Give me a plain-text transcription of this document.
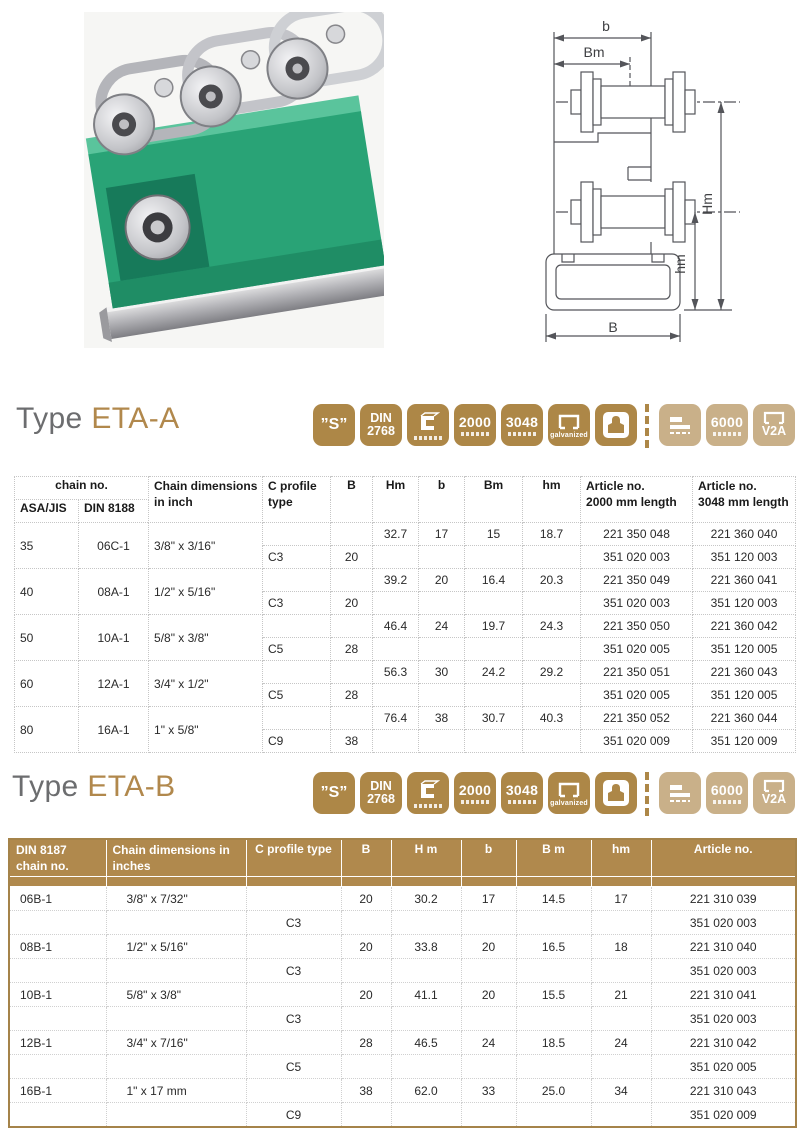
b
Bm
Hm
hm
B
Type ETA-A	”S” DIN
2768
2000 3048
galvanized
6000
V2A
chain no.		Chain dimensions
in inch	C profile
type	B	Hm	b	Bm	hm	Article no.
2000 mm length	Article no.
3048 mm length

ASA/JIS	DIN 8188									
35	06C-1	3/8" x 3/16"			32.7	17	15	18.7	221 350 048	221 360 040
			C3	20					351 020 003	351 120 003
40	08A-1	1/2" x 5/16"			39.2	20	16.4	20.3	221 350 049	221 360 041
			C3	20					351 020 003	351 120 003
50	10A-1	5/8" x 3/8"			46.4	24	19.7	24.3	221 350 050	221 360 042
			C5	28					351 020 005	351 120 005
60	12A-1	3/4" x 1/2"			56.3	30	24.2	29.2	221 350 051	221 360 043
			C5	28					351 020 005	351 120 005
80	16A-1	1" x 5/8"			76.4	38	30.7	40.3	221 350 052	221 360 044
			C9	38					351 020 009	351 120 009
Type ETA-B	”S” DIN
2768
2000 3048
galvanized
6000
V2A
DIN 8187
chain no.	Chain dimensions in
inches	C profile type	B	H m	b	B m	hm	Article no.

06B-1	3/8" x 7/32"		20	30.2	17	14.5	17	221 310 039
		C3						351 020 003
08B-1	1/2" x 5/16"		20	33.8	20	16.5	18	221 310 040
		C3						351 020 003
10B-1	5/8" x 3/8"		20	41.1	20	15.5	21	221 310 041
		C3						351 020 003
12B-1	3/4" x 7/16"		28	46.5	24	18.5	24	221 310 042
		C5						351 020 005
16B-1	1" x 17 mm		38	62.0	33	25.0	34	221 310 043
		C9						351 020 009
